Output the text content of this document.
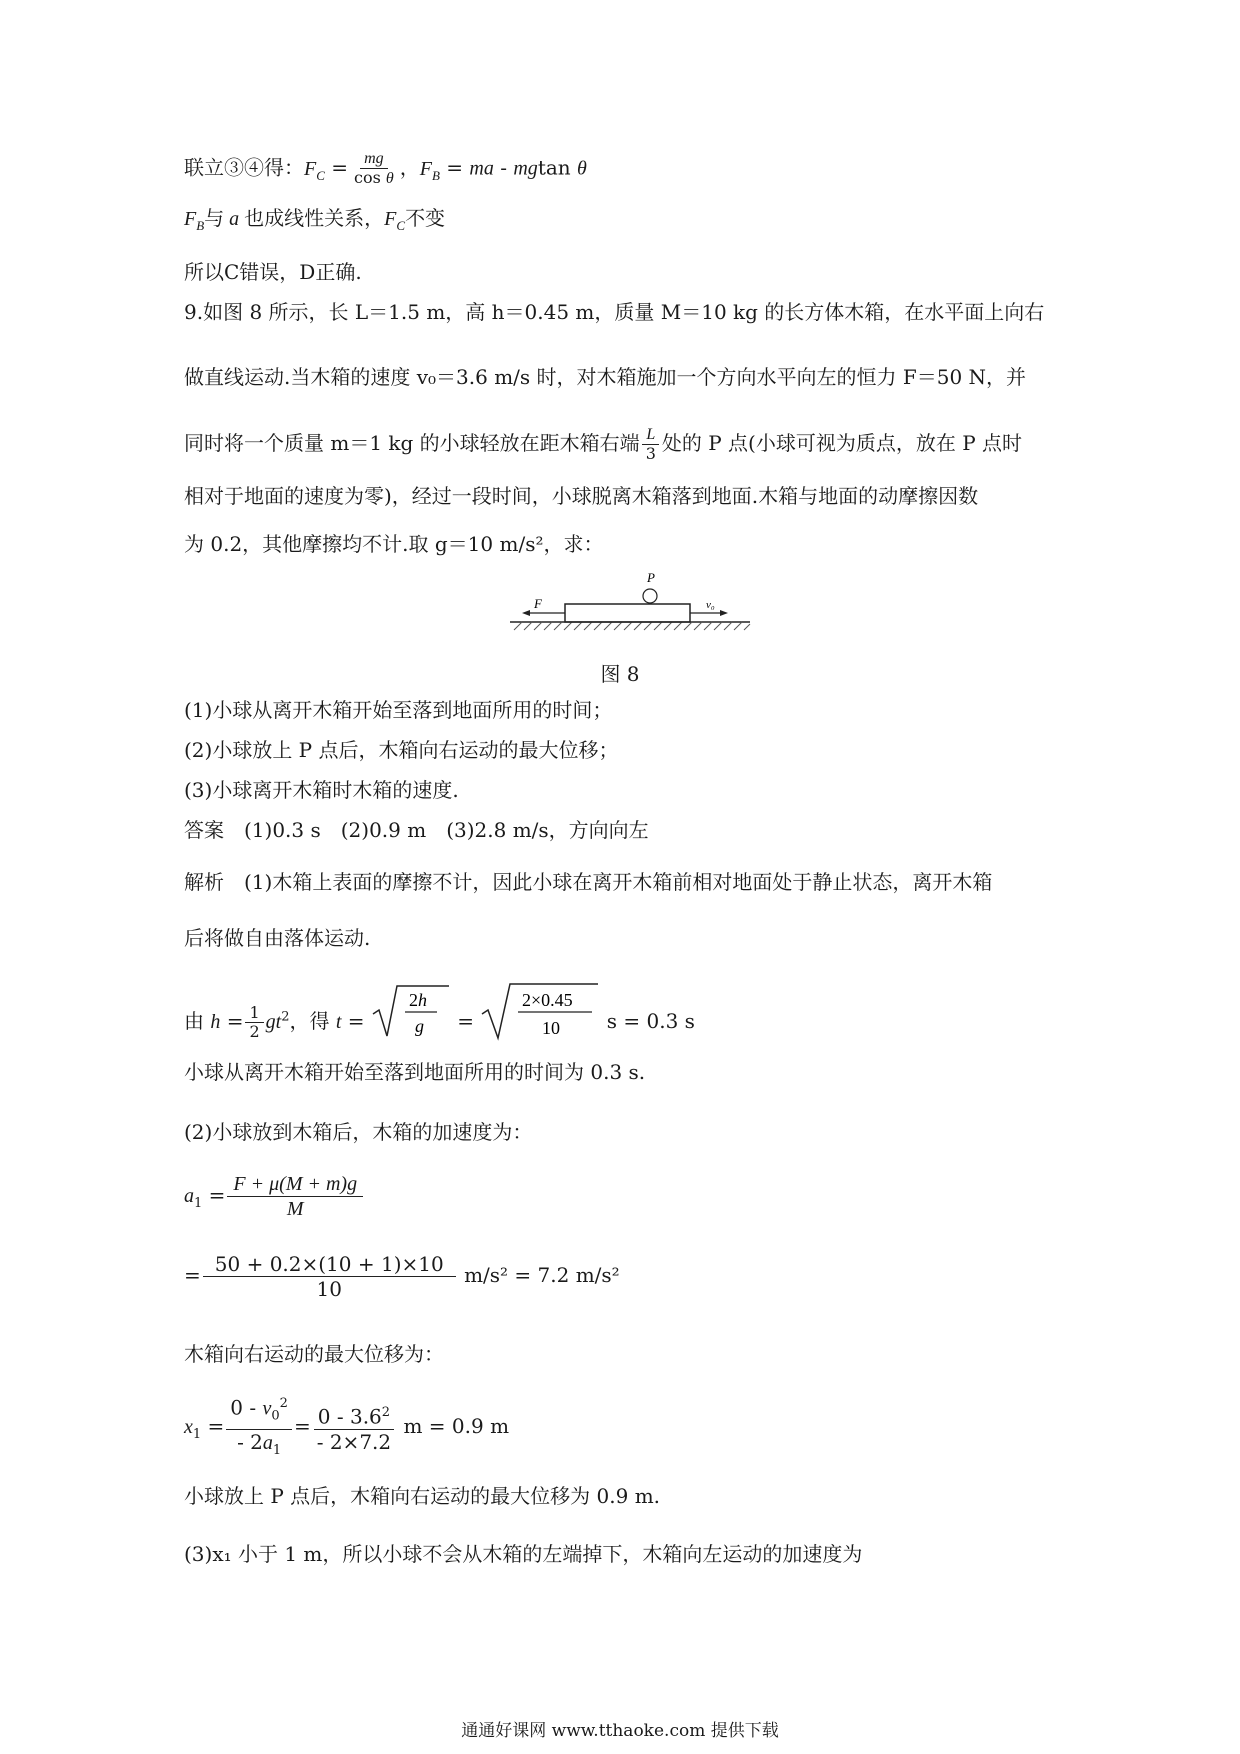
联立③④得：$F_C = \frac{mg}{\text{cos θ}}$ ，$F_B$ = ma - mgtan θ
$F_B$与 a 也成线性关系，$F_C$不变
所以C错误，D正确.
9.如图 8 所示，长 L＝1.5 m，高 h＝0.45 m，质量 M＝10 kg 的长方体木箱，在水平面上向右
做直线运动.当木箱的速度 v₀＝3.6 m/s 时，对木箱施加一个方向水平向左的恒力 F＝50 N，并
同时将一个质量 m＝1 kg 的小球轻放在距木箱右端 $\frac{L}{3}$ 处的 P 点(小球可视为质点，放在 P 点时
相对于地面的速度为零)，经过一段时间，小球脱离木箱落到地面.木箱与地面的动摩擦因数
为 0.2，其他摩擦均不计.取 g＝10 m/s²，求：
P
F	v₀
图 8
(1)小球从离开木箱开始至落到地面所用的时间；
(2)小球放上 P 点后，木箱向右运动的最大位移；
(3)小球离开木箱时木箱的速度.
答案　(1)0.3 s　(2)0.9 m　(3)2.8 m/s，方向向左
解析　(1)木箱上表面的摩擦不计，因此小球在离开木箱前相对地面处于静止状态，离开木箱
后将做自由落体运动.
由 $h = \frac{1}{2} gt^2$，得 t =
2h
g =
2×0.45
10 s = 0.3 s
小球从离开木箱开始至落到地面所用的时间为 0.3 s.
(2)小球放到木箱后，木箱的加速度为：
$a_1 = \frac{F + \mu(M + m)g}{M}$
= $\frac{50 + 0.2\times(10 + 1)\times 10}{10} m/s^2 = 7.2$ m/s²
木箱向右运动的最大位移为：
$x_1 = \frac{0 - v_0^2}{- 2a_1} = \frac{0 - 3.6^2}{- 2\times 7.2}$ m = 0.9 m
小球放上 P 点后，木箱向右运动的最大位移为 0.9 m.
(3)x₁ 小于 1 m，所以小球不会从木箱的左端掉下，木箱向左运动的加速度为
通通好课网 www.tthaoke.com 提供下载
